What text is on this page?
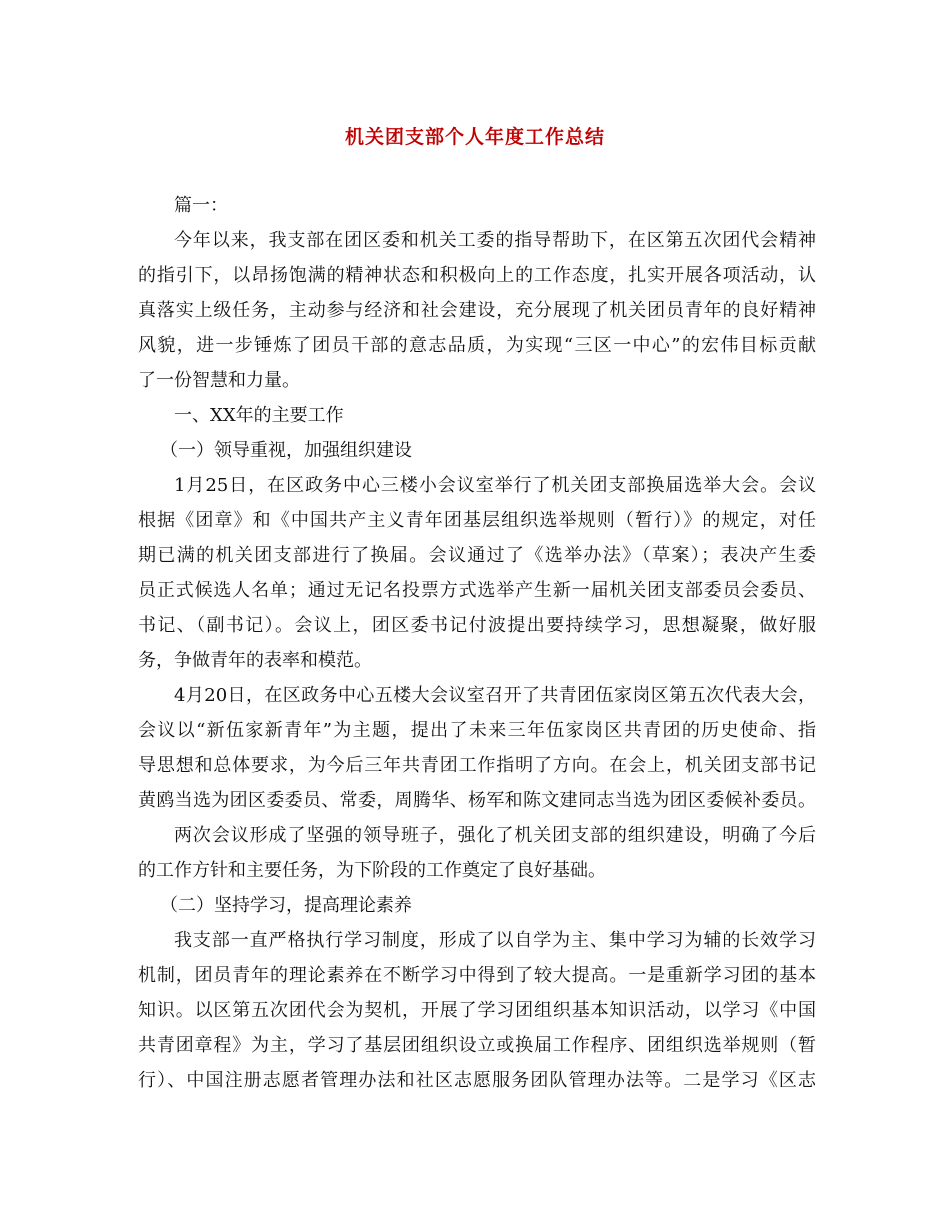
机关团支部个人年度工作总结
篇一：
今年以来，我支部在团区委和机关工委的指导帮助下，在区第五次团代会精神
的指引下，以昂扬饱满的精神状态和积极向上的工作态度，扎实开展各项活动，认
真落实上级任务，主动参与经济和社会建设，充分展现了机关团员青年的良好精神
风貌，进一步锤炼了团员干部的意志品质，为实现“三区一中心”的宏伟目标贡献
了一份智慧和力量。
一、XX年的主要工作
（一）领导重视，加强组织建设
1月25日，在区政务中心三楼小会议室举行了机关团支部换届选举大会。会议
根据《团章》和《中国共产主义青年团基层组织选举规则（暂行）》的规定，对任
期已满的机关团支部进行了换届。会议通过了《选举办法》（草案）；表决产生委
员正式候选人名单；通过无记名投票方式选举产生新一届机关团支部委员会委员、
书记、（副书记）。会议上，团区委书记付波提出要持续学习，思想凝聚，做好服
务，争做青年的表率和模范。
4月20日，在区政务中心五楼大会议室召开了共青团伍家岗区第五次代表大会，
会议以“新伍家新青年”为主题，提出了未来三年伍家岗区共青团的历史使命、指
导思想和总体要求，为今后三年共青团工作指明了方向。在会上，机关团支部书记
黄鸥当选为团区委委员、常委，周腾华、杨军和陈文建同志当选为团区委候补委员。
两次会议形成了坚强的领导班子，强化了机关团支部的组织建设，明确了今后
的工作方针和主要任务，为下阶段的工作奠定了良好基础。
（二）坚持学习，提高理论素养
我支部一直严格执行学习制度，形成了以自学为主、集中学习为辅的长效学习
机制，团员青年的理论素养在不断学习中得到了较大提高。一是重新学习团的基本
知识。以区第五次团代会为契机，开展了学习团组织基本知识活动，以学习《中国
共青团章程》为主，学习了基层团组织设立或换届工作程序、团组织选举规则（暂
行）、中国注册志愿者管理办法和社区志愿服务团队管理办法等。二是学习《区志
